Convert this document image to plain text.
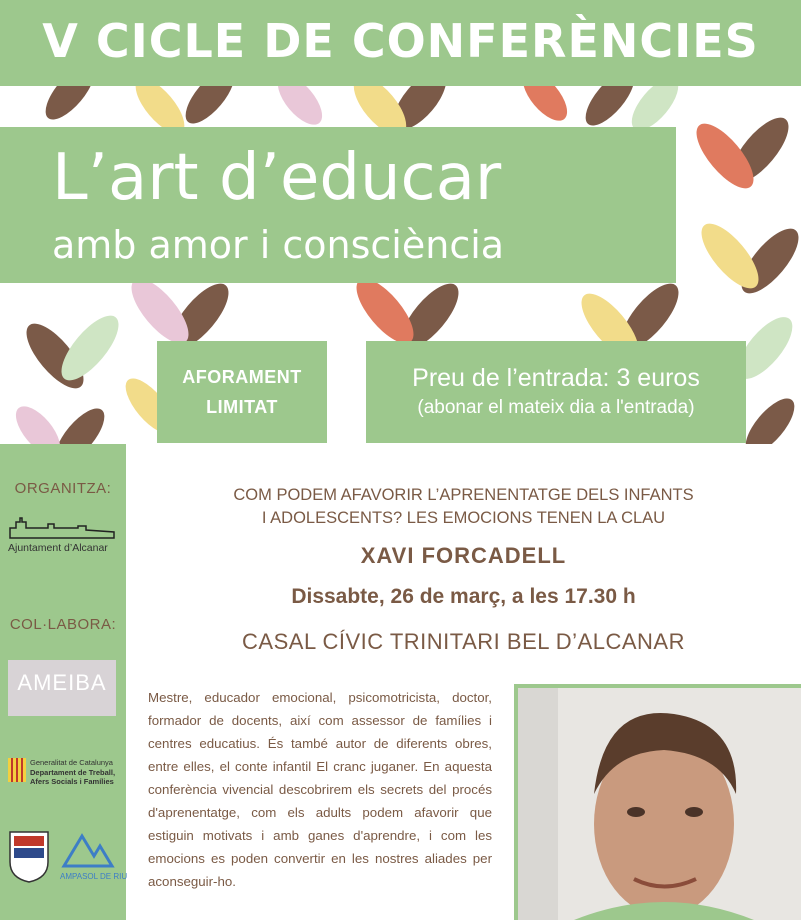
V CICLE DE CONFERÈNCIES
L’art d’educar
amb amor i consciència
AFORAMENT
LIMITAT
Preu de l’entrada: 3 euros
(abonar el mateix dia a l'entrada)
ORGANITZA:
Ajuntament d’Alcanar
COL·LABORA:
AMEIBA
Generalitat de Catalunya
Departament de Treball,
Afers Socials i Famílies
AMPASOL DE RIU
COM PODEM AFAVORIR L’APRENENTATGE DELS INFANTS
I ADOLESCENTS? LES EMOCIONS TENEN LA CLAU
XAVI FORCADELL
Dissabte, 26 de març, a les 17.30 h
CASAL CÍVIC TRINITARI BEL D’ALCANAR
Mestre, educador emocional, psicomotricista, doctor, formador de docents, així com assessor de famílies i centres educatius. És també autor de diferents obres, entre elles, el conte infantil El cranc juganer. En aquesta conferència vivencial descobrirem els secrets del procés d'aprenentatge, com els adults podem afavorir que estiguin motivats i amb ganes d'aprendre, i com les emocions es poden convertir en les nostres aliades per aconseguir-ho.
